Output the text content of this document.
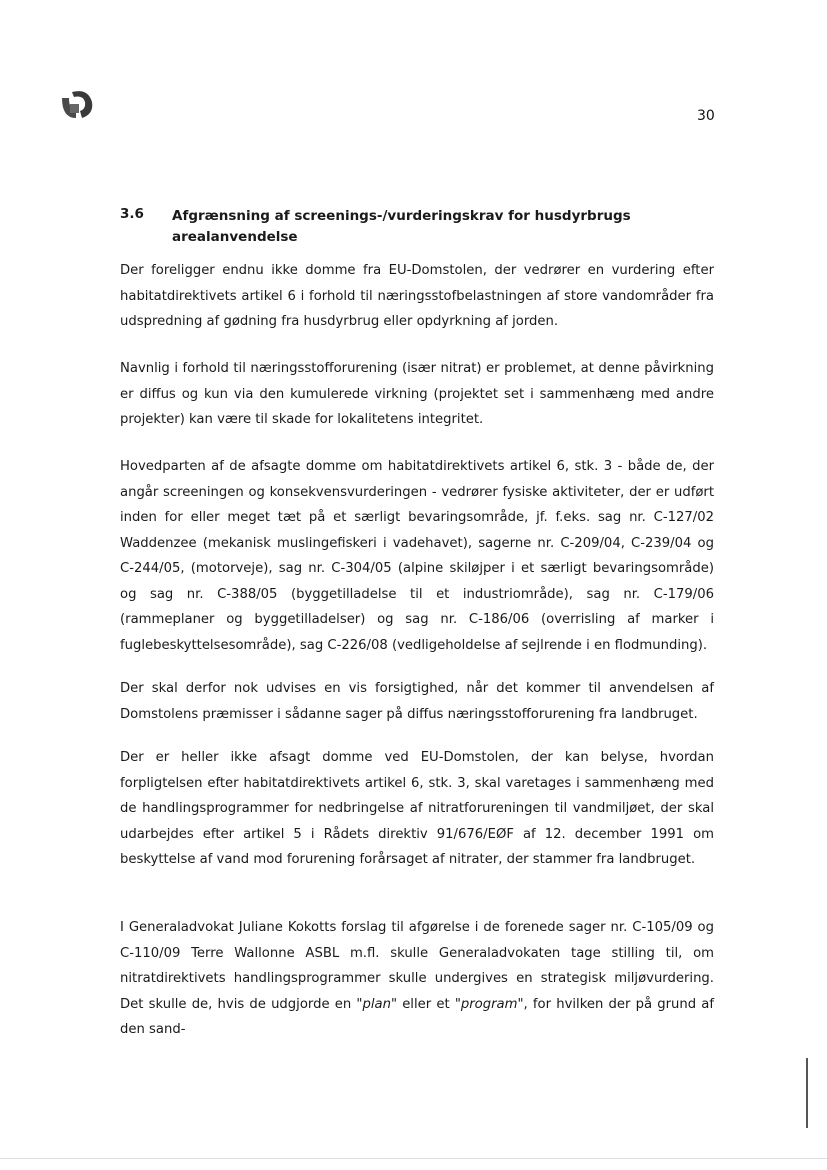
30
3.6 Afgrænsning af screenings-/vurderingskrav for husdyrbrugs arealanvendelse

Der foreligger endnu ikke domme fra EU-Domstolen, der vedrører en vurdering efter habitatdirektivets artikel 6 i forhold til næringsstofbelastningen af store vandområder fra udspredning af gødning fra husdyrbrug eller opdyrkning af jorden.

Navnlig i forhold til næringsstofforurening (især nitrat) er problemet, at denne påvirkning er diffus og kun via den kumulerede virkning (projektet set i sammenhæng med andre projekter) kan være til skade for lokalitetens integritet.

Hovedparten af de afsagte domme om habitatdirektivets artikel 6, stk. 3 - både de, der angår screeningen og konsekvensvurderingen - vedrører fysiske aktiviteter, der er udført inden for eller meget tæt på et særligt bevaringsområde, jf. f.eks. sag nr. C-127/02 Waddenzee (mekanisk muslingefiskeri i vadehavet), sagerne nr. C-209/04, C-239/04 og C-244/05, (motorveje), sag nr. C-304/05 (alpine skiløjper i et særligt bevaringsområde) og sag nr. C-388/05 (byggetilladelse til et industriområde), sag nr. C-179/06 (rammeplaner og byggetilladelser) og sag nr. C-186/06 (overrisling af marker i fuglebeskyttelsesområde), sag C-226/08 (vedligeholdelse af sejlrende i en flodmunding).

Der skal derfor nok udvises en vis forsigtighed, når det kommer til anvendelsen af Domstolens præmisser i sådanne sager på diffus næringsstofforurening fra landbruget.

Der er heller ikke afsagt domme ved EU-Domstolen, der kan belyse, hvordan forpligtelsen efter habitatdirektivets artikel 6, stk. 3, skal varetages i sammenhæng med de handlingsprogrammer for nedbringelse af nitratforureningen til vandmiljøet, der skal udarbejdes efter artikel 5 i Rådets direktiv 91/676/EØF af 12. december 1991 om beskyttelse af vand mod forurening forårsaget af nitrater, der stammer fra landbruget.

I Generaladvokat Juliane Kokotts forslag til afgørelse i de forenede sager nr. C-105/09 og C-110/09 Terre Wallonne ASBL m.fl. skulle Generaladvokaten tage stilling til, om nitratdirektivets handlingsprogrammer skulle undergives en strategisk miljøvurdering. Det skulle de, hvis de udgjorde en "plan" eller et "program", for hvilken der på grund af den sand-
